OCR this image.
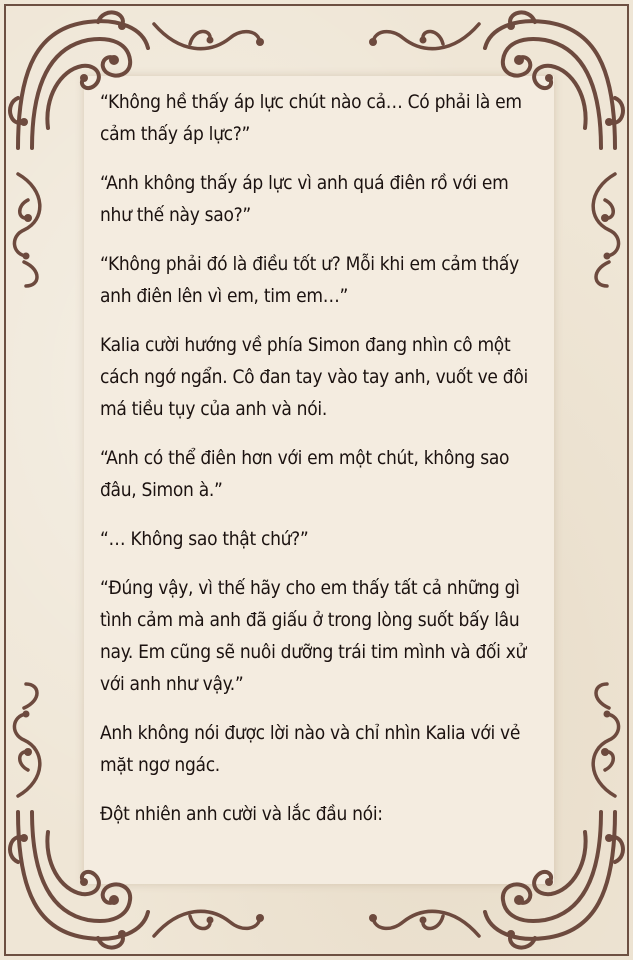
“Không hề thấy áp lực chút nào cả… Có phải là em cảm thấy áp lực?”

“Anh không thấy áp lực vì anh quá điên rồ với em như thế này sao?”

“Không phải đó là điều tốt ư? Mỗi khi em cảm thấy anh điên lên vì em, tim em…”

Kalia cười hướng về phía Simon đang nhìn cô một cách ngớ ngẩn. Cô đan tay vào tay anh, vuốt ve đôi má tiều tụy của anh và nói.

“Anh có thể điên hơn với em một chút, không sao đâu, Simon à.”

“… Không sao thật chứ?”

“Đúng vậy, vì thế hãy cho em thấy tất cả những gì tình cảm mà anh đã giấu ở trong lòng suốt bấy lâu nay. Em cũng sẽ nuôi dưỡng trái tim mình và đối xử với anh như vậy.”

Anh không nói được lời nào và chỉ nhìn Kalia với vẻ mặt ngơ ngác.

Đột nhiên anh cười và lắc đầu nói:
